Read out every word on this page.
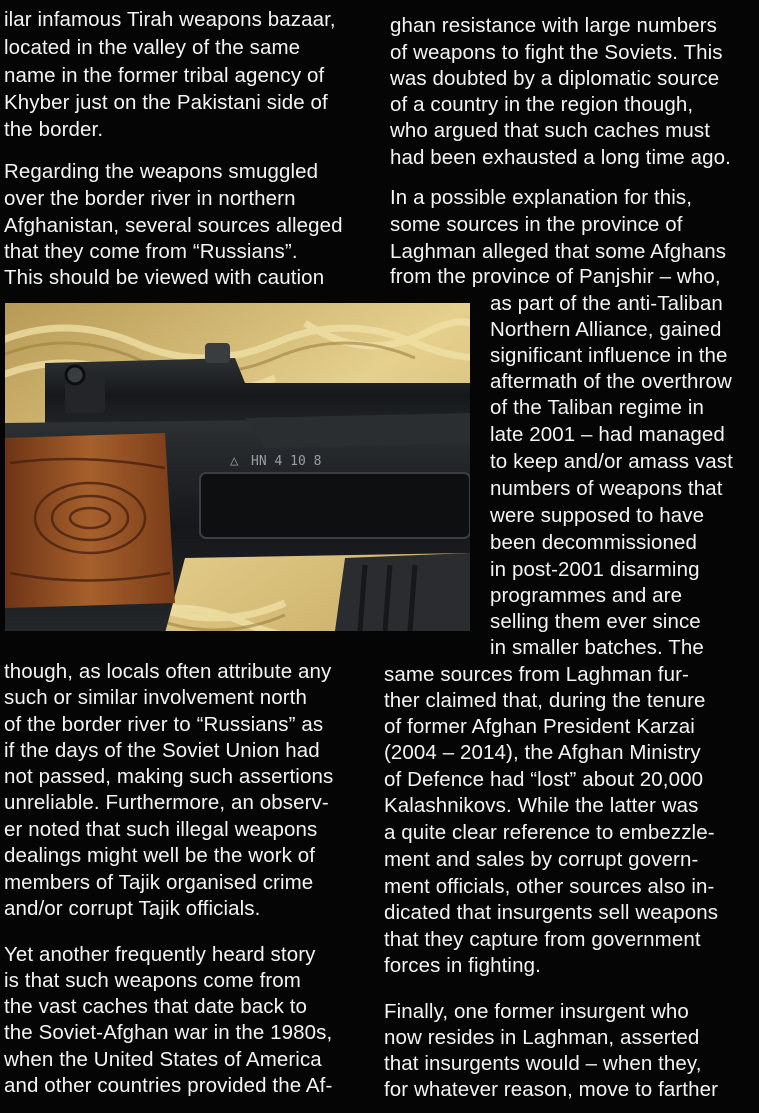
ilar infamous Tirah weapons bazaar,
located in the valley of the same
name in the former tribal agency of
Khyber just on the Pakistani side of
the border.
Regarding the weapons smuggled
over the border river in northern
Afghanistan, several sources alleged
that they come from “Russians”.
This should be viewed with caution
ghan resistance with large numbers
of weapons to fight the Soviets. This
was doubted by a diplomatic source
of a country in the region though,
who argued that such caches must
had been exhausted a long time ago.
In a possible explanation for this,
some sources in the province of
Laghman alleged that some Afghans
from the province of Panjshir – who,
as part of the anti-Taliban
Northern Alliance, gained
significant influence in the
aftermath of the overthrow
of the Taliban regime in
late 2001 – had managed
to keep and/or amass vast
numbers of weapons that
were supposed to have
been decommissioned
in post-2001 disarming
programmes and are
selling them ever since
in smaller batches. The
though, as locals often attribute any
such or similar involvement north
of the border river to “Russians” as
if the days of the Soviet Union had
not passed, making such assertions
unreliable. Furthermore, an observ-
er noted that such illegal weapons
dealings might well be the work of
members of Tajik organised crime
and/or corrupt Tajik officials.
Yet another frequently heard story
is that such weapons come from
the vast caches that date back to
the Soviet-Afghan war in the 1980s,
when the United States of America
and other countries provided the Af-
same sources from Laghman fur-
ther claimed that, during the tenure
of former Afghan President Karzai
(2004 – 2014), the Afghan Ministry
of Defence had “lost” about 20,000
Kalashnikovs. While the latter was
a quite clear reference to embezzle-
ment and sales by corrupt govern-
ment officials, other sources also in-
dicated that insurgents sell weapons
that they capture from government
forces in fighting.
Finally, one former insurgent who
now resides in Laghman, asserted
that insurgents would – when they,
for whatever reason, move to farther
△ HN 4 10 8
